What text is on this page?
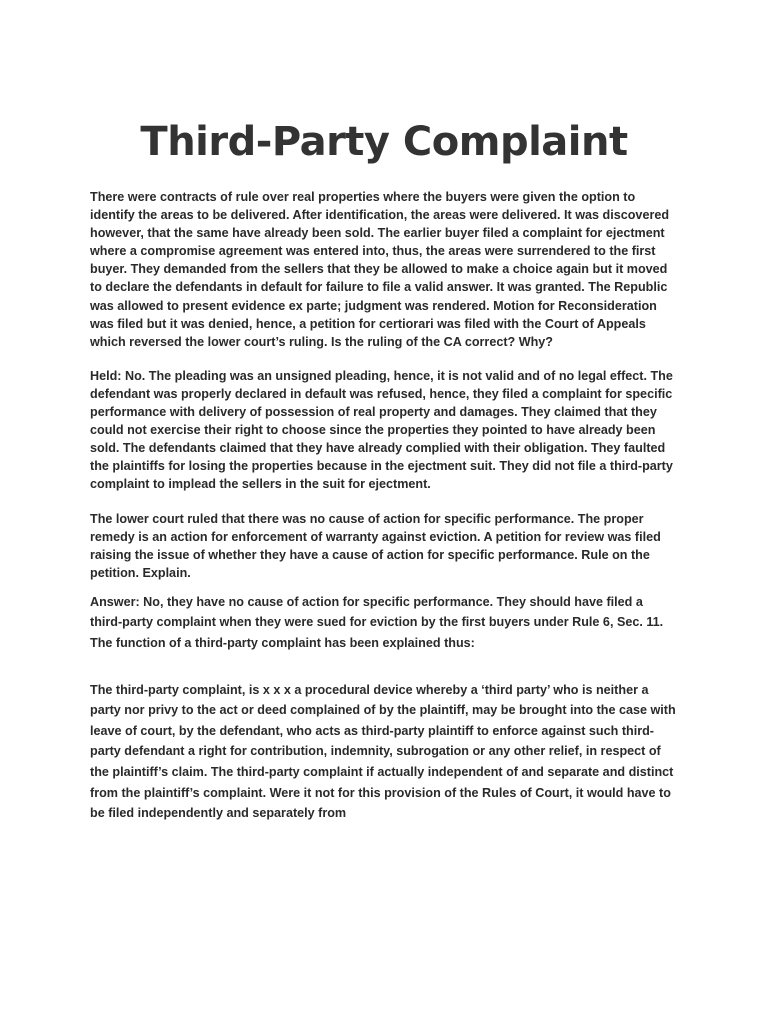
Third-Party Complaint

There were contracts of rule over real properties where the buyers were given the option to identify the areas to be delivered. After identification, the areas were delivered. It was discovered however, that the same have already been sold. The earlier buyer filed a complaint for ejectment where a compromise agreement was entered into, thus, the areas were surrendered to the first buyer. They demanded from the sellers that they be allowed to make a choice again but it moved to declare the defendants in default for failure to file a valid answer. It was granted. The Republic was allowed to present evidence ex parte; judgment was rendered. Motion for Reconsideration was filed but it was denied, hence, a petition for certiorari was filed with the Court of Appeals which reversed the lower court’s ruling. Is the ruling of the CA correct? Why?

Held: No. The pleading was an unsigned pleading, hence, it is not valid and of no legal effect. The defendant was properly declared in default was refused, hence, they filed a complaint for specific performance with delivery of possession of real property and damages. They claimed that they could not exercise their right to choose since the properties they pointed to have already been sold. The defendants claimed that they have already complied with their obligation. They faulted the plaintiffs for losing the properties because in the ejectment suit. They did not file a third-party complaint to implead the sellers in the suit for ejectment.

The lower court ruled that there was no cause of action for specific performance. The proper remedy is an action for enforcement of warranty against eviction. A petition for review was filed raising the issue of whether they have a cause of action for specific performance. Rule on the petition. Explain.

Answer: No, they have no cause of action for specific performance. They should have filed a third-party complaint when they were sued for eviction by the first buyers under Rule 6, Sec. 11. The function of a third-party complaint has been explained thus:

The third-party complaint, is x x x a procedural device whereby a ‘third party’ who is neither a party nor privy to the act or deed complained of by the plaintiff, may be brought into the case with leave of court, by the defendant, who acts as third-party plaintiff to enforce against such third-party defendant a right for contribution, indemnity, subrogation or any other relief, in respect of the plaintiff’s claim. The third-party complaint if actually independent of and separate and distinct from the plaintiff’s complaint. Were it not for this provision of the Rules of Court, it would have to be filed independently and separately from
